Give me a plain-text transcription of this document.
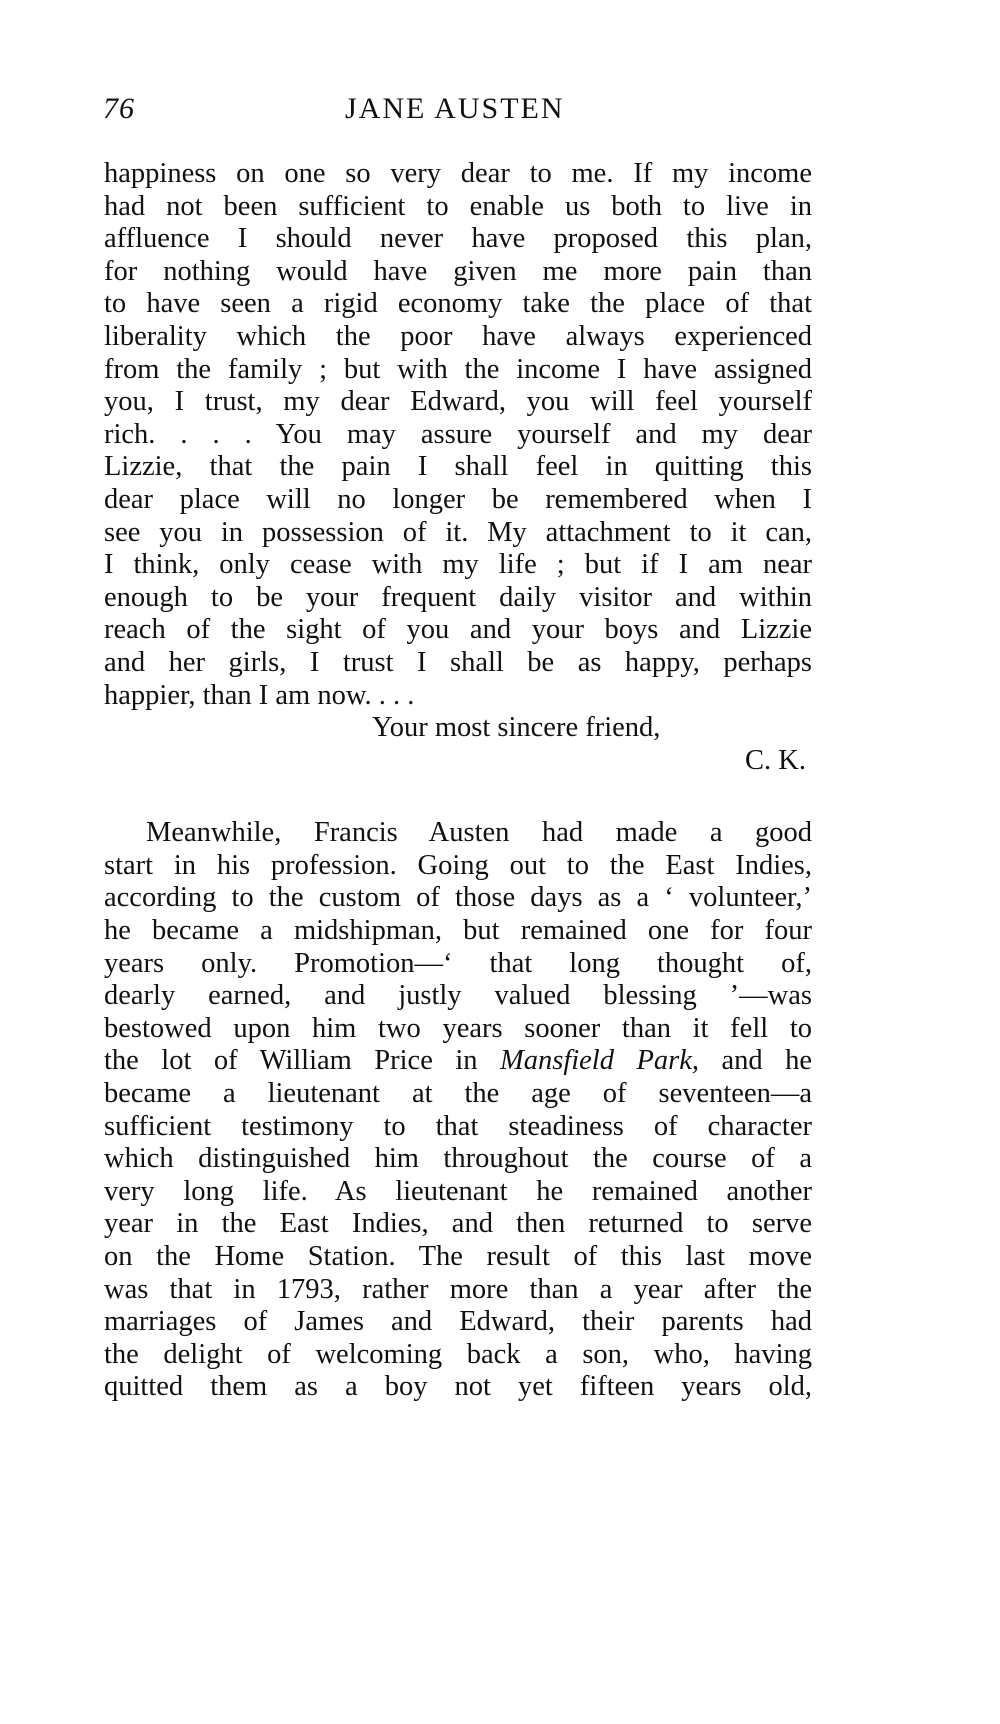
76	JANE AUSTEN
happiness on one so very dear to me. If my income
had not been sufficient to enable us both to live in
affluence I should never have proposed this plan,
for nothing would have given me more pain than
to have seen a rigid economy take the place of that
liberality which the poor have always experienced
from the family ; but with the income I have assigned
you, I trust, my dear Edward, you will feel yourself
rich. . . . You may assure yourself and my dear
Lizzie, that the pain I shall feel in quitting this
dear place will no longer be remembered when I
see you in possession of it. My attachment to it can,
I think, only cease with my life ; but if I am near
enough to be your frequent daily visitor and within
reach of the sight of you and your boys and Lizzie
and her girls, I trust I shall be as happy, perhaps
happier, than I am now. . . .
Your most sincere friend,
C. K.
Meanwhile, Francis Austen had made a good
start in his profession. Going out to the East Indies,
according to the custom of those days as a ‘ volunteer,’
he became a midshipman, but remained one for four
years only. Promotion—‘ that long thought of,
dearly earned, and justly valued blessing ’—was
bestowed upon him two years sooner than it fell to
the lot of William Price in Mansfield Park, and he
became a lieutenant at the age of seventeen—a
sufficient testimony to that steadiness of character
which distinguished him throughout the course of a
very long life. As lieutenant he remained another
year in the East Indies, and then returned to serve
on the Home Station. The result of this last move
was that in 1793, rather more than a year after the
marriages of James and Edward, their parents had
the delight of welcoming back a son, who, having
quitted them as a boy not yet fifteen years old,
